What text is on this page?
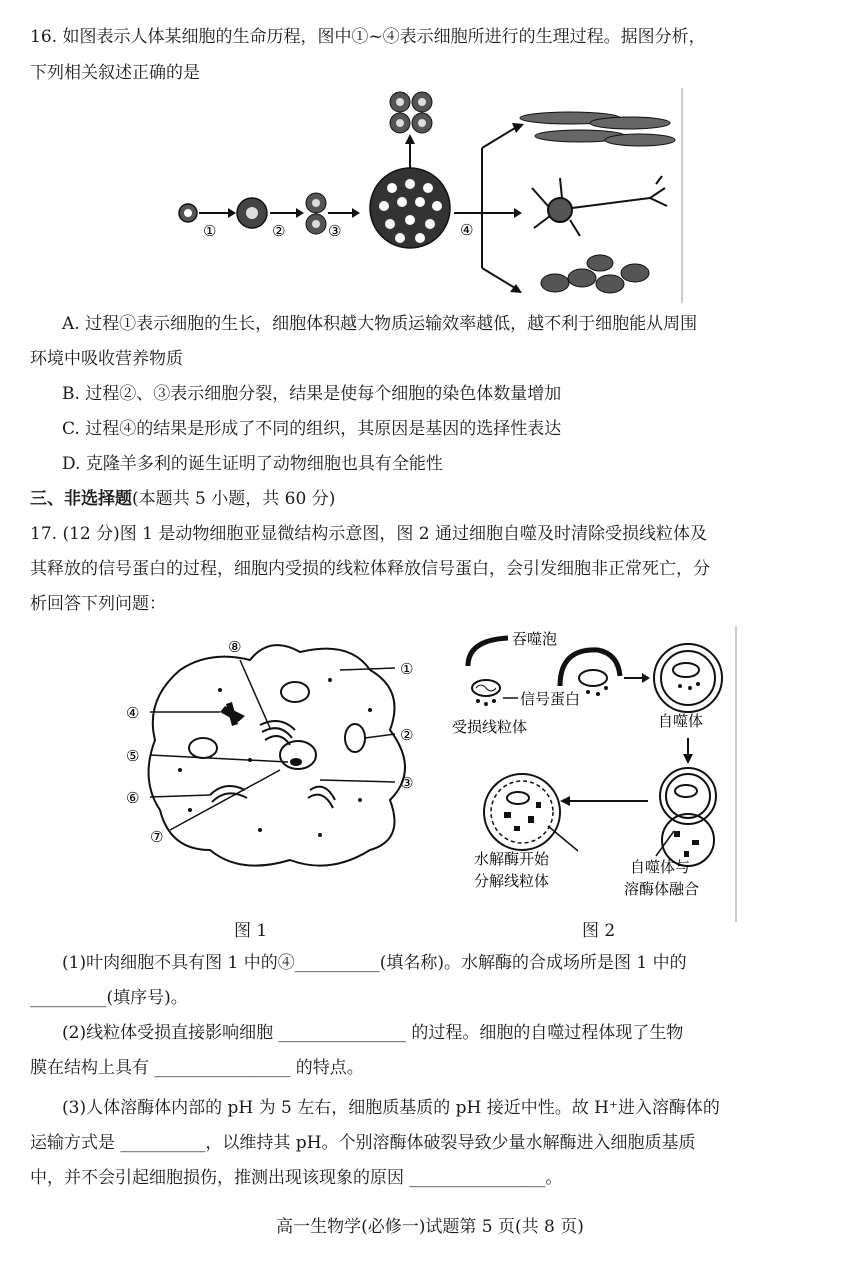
16. 如图表示人体某细胞的生命历程，图中①~④表示细胞所进行的生理过程。据图分析，
下列相关叙述正确的是
①	②	③	④
A. 过程①表示细胞的生长，细胞体积越大物质运输效率越低，越不利于细胞能从周围
环境中吸收营养物质
B. 过程②、③表示细胞分裂，结果是使每个细胞的染色体数量增加
C. 过程④的结果是形成了不同的组织，其原因是基因的选择性表达
D. 克隆羊多利的诞生证明了动物细胞也具有全能性
三、非选择题(本题共 5 小题，共 60 分)
17. (12 分)图 1 是动物细胞亚显微结构示意图，图 2 通过细胞自噬及时清除受损线粒体及
其释放的信号蛋白的过程，细胞内受损的线粒体释放信号蛋白，会引发细胞非正常死亡，分
析回答下列问题：
①
②
③
④
⑤
⑥
⑦
⑧
图 1
吞噬泡
信号蛋白
受损线粒体	自噬体
自噬体与
溶酶体融合
水解酶开始
分解线粒体
图 2
(1)叶肉细胞不具有图 1 中的④__________(填名称)。水解酶的合成场所是图 1 中的
_________(填序号)。
(2)线粒体受损直接影响细胞 _______________ 的过程。细胞的自噬过程体现了生物
膜在结构上具有 ________________ 的特点。
(3)人体溶酶体内部的 pH 为 5 左右，细胞质基质的 pH 接近中性。故 H⁺进入溶酶体的
运输方式是 __________，以维持其 pH。个别溶酶体破裂导致少量水解酶进入细胞质基质
中，并不会引起细胞损伤，推测出现该现象的原因 ________________。
高一生物学(必修一)试题第 5 页(共 8 页)
